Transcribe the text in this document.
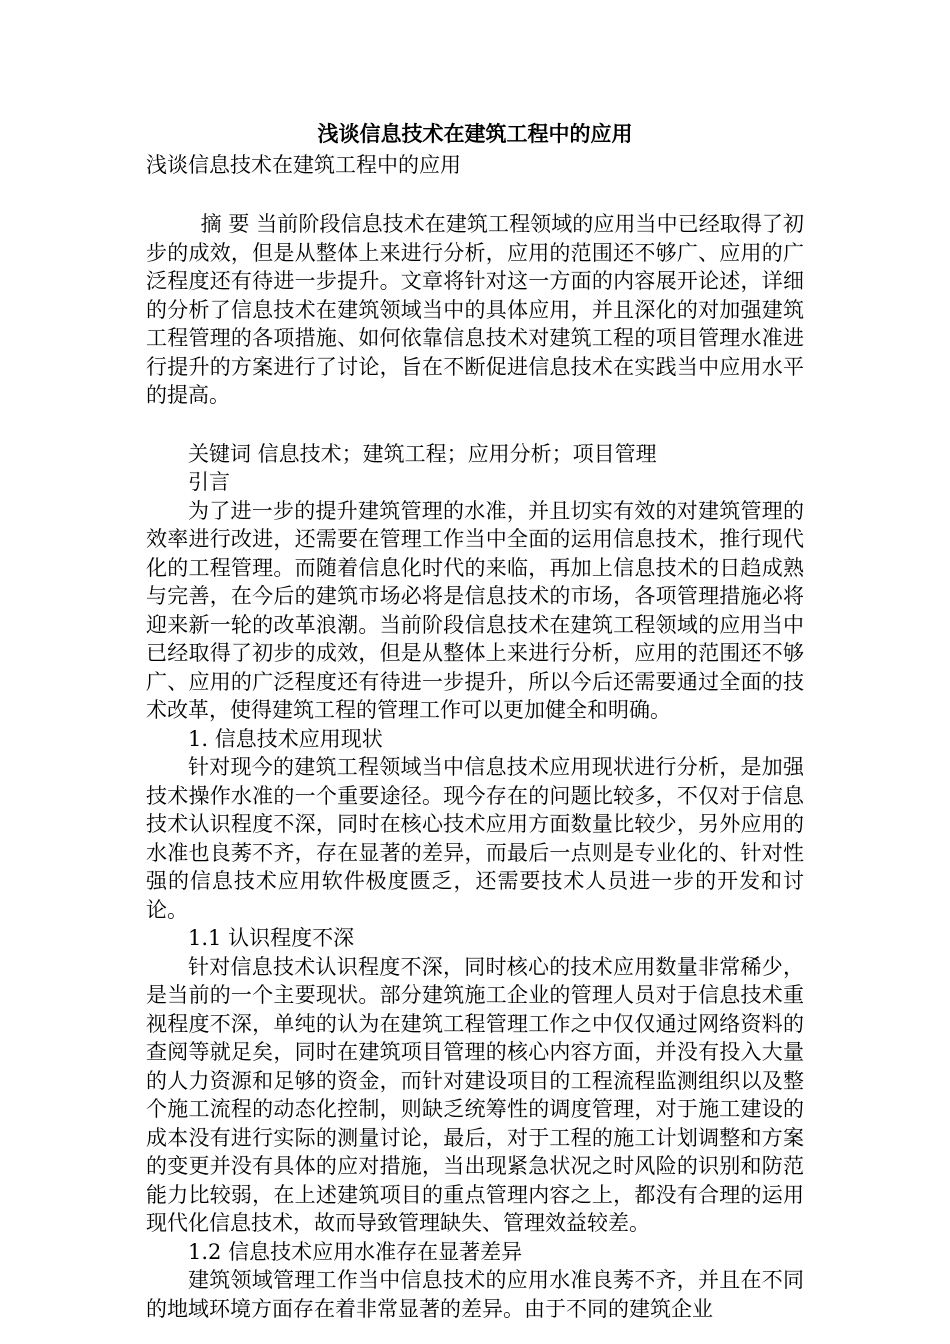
浅谈信息技术在建筑工程中的应用

浅谈信息技术在建筑工程中的应用

摘 要 当前阶段信息技术在建筑工程领域的应用当中已经取得了初步的成效，但是从整体上来进行分析，应用的范围还不够广、应用的广泛程度还有待进一步提升。文章将针对这一方面的内容展开论述，详细的分析了信息技术在建筑领域当中的具体应用，并且深化的对加强建筑工程管理的各项措施、如何依靠信息技术对建筑工程的项目管理水准进行提升的方案进行了讨论，旨在不断促进信息技术在实践当中应用水平的提高。

关键词 信息技术；建筑工程；应用分析；项目管理

引言

为了进一步的提升建筑管理的水准，并且切实有效的对建筑管理的效率进行改进，还需要在管理工作当中全面的运用信息技术，推行现代化的工程管理。而随着信息化时代的来临，再加上信息技术的日趋成熟与完善，在今后的建筑市场必将是信息技术的市场，各项管理措施必将迎来新一轮的改革浪潮。当前阶段信息技术在建筑工程领域的应用当中已经取得了初步的成效，但是从整体上来进行分析，应用的范围还不够广、应用的广泛程度还有待进一步提升，所以今后还需要通过全面的技术改革，使得建筑工程的管理工作可以更加健全和明确。

1. 信息技术应用现状

针对现今的建筑工程领域当中信息技术应用现状进行分析，是加强技术操作水准的一个重要途径。现今存在的问题比较多，不仅对于信息技术认识程度不深，同时在核心技术应用方面数量比较少，另外应用的水准也良莠不齐，存在显著的差异，而最后一点则是专业化的、针对性强的信息技术应用软件极度匮乏，还需要技术人员进一步的开发和讨论。

1.1 认识程度不深

针对信息技术认识程度不深，同时核心的技术应用数量非常稀少，是当前的一个主要现状。部分建筑施工企业的管理人员对于信息技术重视程度不深，单纯的认为在建筑工程管理工作之中仅仅通过网络资料的查阅等就足矣，同时在建筑项目管理的核心内容方面，并没有投入大量的人力资源和足够的资金，而针对建设项目的工程流程监测组织以及整个施工流程的动态化控制，则缺乏统筹性的调度管理，对于施工建设的成本没有进行实际的测量讨论，最后，对于工程的施工计划调整和方案的变更并没有具体的应对措施，当出现紧急状况之时风险的识别和防范能力比较弱，在上述建筑项目的重点管理内容之上，都没有合理的运用现代化信息技术，故而导致管理缺失、管理效益较差。

1.2 信息技术应用水准存在显著差异

建筑领域管理工作当中信息技术的应用水准良莠不齐，并且在不同的地域环境方面存在着非常显著的差异。由于不同的建筑企业
